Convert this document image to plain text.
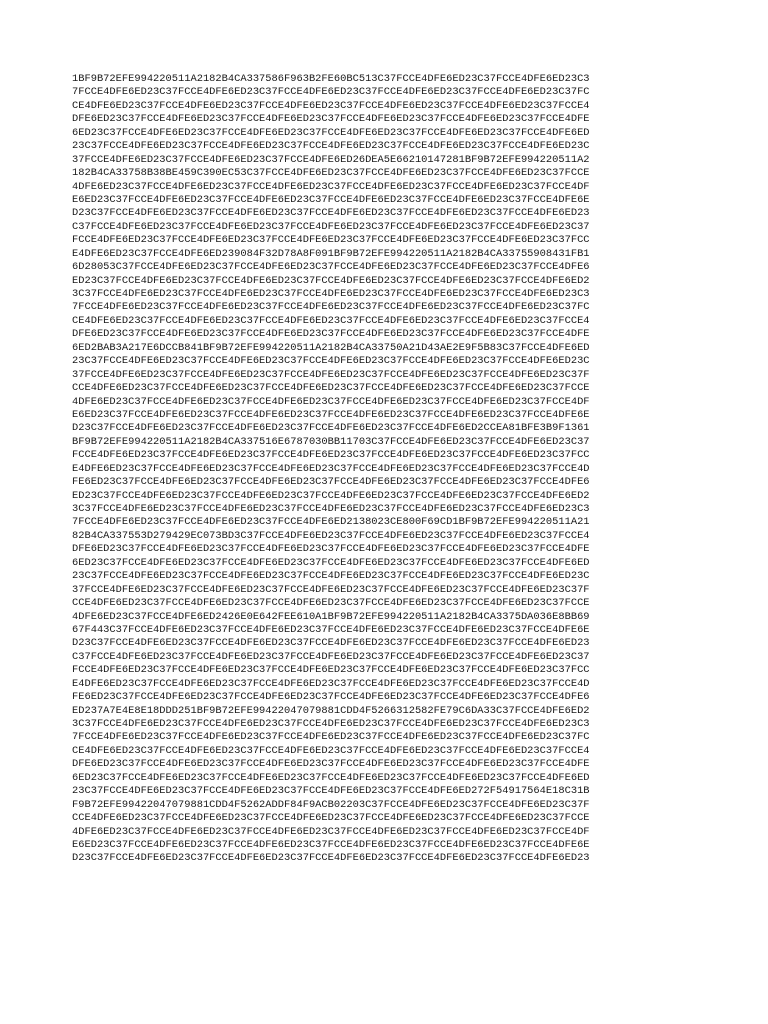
1BF9B72EFE994220511A2182B4CA337586F963B2FE60BC513C37FCCE4DFE6ED23C37FCCE4DFE6ED23C3
7FCCE4DFE6ED23C37FCCE4DFE6ED23C37FCCE4DFE6ED23C37FCCE4DFE6ED23C37FCCE4DFE6ED23C37FC
CE4DFE6ED23C37FCCE4DFE6ED23C37FCCE4DFE6ED23C37FCCE4DFE6ED23C37FCCE4DFE6ED23C37FCCE4
DFE6ED23C37FCCE4DFE6ED23C37FCCE4DFE6ED23C37FCCE4DFE6ED23C37FCCE4DFE6ED23C37FCCE4DFE
6ED23C37FCCE4DFE6ED23C37FCCE4DFE6ED23C37FCCE4DFE6ED23C37FCCE4DFE6ED23C37FCCE4DFE6ED
23C37FCCE4DFE6ED23C37FCCE4DFE6ED23C37FCCE4DFE6ED23C37FCCE4DFE6ED23C37FCCE4DFE6ED23C
37FCCE4DFE6ED23C37FCCE4DFE6ED23C37FCCE4DFE6ED26DEA5E66210147281BF9B72EFE994220511A2
182B4CA33758B38BE459C390EC53C37FCCE4DFE6ED23C37FCCE4DFE6ED23C37FCCE4DFE6ED23C37FCCE
4DFE6ED23C37FCCE4DFE6ED23C37FCCE4DFE6ED23C37FCCE4DFE6ED23C37FCCE4DFE6ED23C37FCCE4DF
E6ED23C37FCCE4DFE6ED23C37FCCE4DFE6ED23C37FCCE4DFE6ED23C37FCCE4DFE6ED23C37FCCE4DFE6E
D23C37FCCE4DFE6ED23C37FCCE4DFE6ED23C37FCCE4DFE6ED23C37FCCE4DFE6ED23C37FCCE4DFE6ED23
C37FCCE4DFE6ED23C37FCCE4DFE6ED23C37FCCE4DFE6ED23C37FCCE4DFE6ED23C37FCCE4DFE6ED23C37
FCCE4DFE6ED23C37FCCE4DFE6ED23C37FCCE4DFE6ED23C37FCCE4DFE6ED23C37FCCE4DFE6ED23C37FCC
E4DFE6ED23C37FCCE4DFE6ED239084F32D78A8F091BF9B72EFE994220511A2182B4CA33755908431FB1
6D28053C37FCCE4DFE6ED23C37FCCE4DFE6ED23C37FCCE4DFE6ED23C37FCCE4DFE6ED23C37FCCE4DFE6
ED23C37FCCE4DFE6ED23C37FCCE4DFE6ED23C37FCCE4DFE6ED23C37FCCE4DFE6ED23C37FCCE4DFE6ED2
3C37FCCE4DFE6ED23C37FCCE4DFE6ED23C37FCCE4DFE6ED23C37FCCE4DFE6ED23C37FCCE4DFE6ED23C3
7FCCE4DFE6ED23C37FCCE4DFE6ED23C37FCCE4DFE6ED23C37FCCE4DFE6ED23C37FCCE4DFE6ED23C37FC
CE4DFE6ED23C37FCCE4DFE6ED23C37FCCE4DFE6ED23C37FCCE4DFE6ED23C37FCCE4DFE6ED23C37FCCE4
DFE6ED23C37FCCE4DFE6ED23C37FCCE4DFE6ED23C37FCCE4DFE6ED23C37FCCE4DFE6ED23C37FCCE4DFE
6ED2BAB3A217E6DCCB841BF9B72EFE994220511A2182B4CA33750A21D43AE2E9F5B83C37FCCE4DFE6ED
23C37FCCE4DFE6ED23C37FCCE4DFE6ED23C37FCCE4DFE6ED23C37FCCE4DFE6ED23C37FCCE4DFE6ED23C
37FCCE4DFE6ED23C37FCCE4DFE6ED23C37FCCE4DFE6ED23C37FCCE4DFE6ED23C37FCCE4DFE6ED23C37F
CCE4DFE6ED23C37FCCE4DFE6ED23C37FCCE4DFE6ED23C37FCCE4DFE6ED23C37FCCE4DFE6ED23C37FCCE
4DFE6ED23C37FCCE4DFE6ED23C37FCCE4DFE6ED23C37FCCE4DFE6ED23C37FCCE4DFE6ED23C37FCCE4DF
E6ED23C37FCCE4DFE6ED23C37FCCE4DFE6ED23C37FCCE4DFE6ED23C37FCCE4DFE6ED23C37FCCE4DFE6E
D23C37FCCE4DFE6ED23C37FCCE4DFE6ED23C37FCCE4DFE6ED23C37FCCE4DFE6ED2CCEA81BFE3B9F1361
BF9B72EFE994220511A2182B4CA337516E6787030BB11703C37FCCE4DFE6ED23C37FCCE4DFE6ED23C37
FCCE4DFE6ED23C37FCCE4DFE6ED23C37FCCE4DFE6ED23C37FCCE4DFE6ED23C37FCCE4DFE6ED23C37FCC
E4DFE6ED23C37FCCE4DFE6ED23C37FCCE4DFE6ED23C37FCCE4DFE6ED23C37FCCE4DFE6ED23C37FCCE4D
FE6ED23C37FCCE4DFE6ED23C37FCCE4DFE6ED23C37FCCE4DFE6ED23C37FCCE4DFE6ED23C37FCCE4DFE6
ED23C37FCCE4DFE6ED23C37FCCE4DFE6ED23C37FCCE4DFE6ED23C37FCCE4DFE6ED23C37FCCE4DFE6ED2
3C37FCCE4DFE6ED23C37FCCE4DFE6ED23C37FCCE4DFE6ED23C37FCCE4DFE6ED23C37FCCE4DFE6ED23C3
7FCCE4DFE6ED23C37FCCE4DFE6ED23C37FCCE4DFE6ED2138023CE800F69CD1BF9B72EFE994220511A21
82B4CA337553D279429EC073BD3C37FCCE4DFE6ED23C37FCCE4DFE6ED23C37FCCE4DFE6ED23C37FCCE4
DFE6ED23C37FCCE4DFE6ED23C37FCCE4DFE6ED23C37FCCE4DFE6ED23C37FCCE4DFE6ED23C37FCCE4DFE
6ED23C37FCCE4DFE6ED23C37FCCE4DFE6ED23C37FCCE4DFE6ED23C37FCCE4DFE6ED23C37FCCE4DFE6ED
23C37FCCE4DFE6ED23C37FCCE4DFE6ED23C37FCCE4DFE6ED23C37FCCE4DFE6ED23C37FCCE4DFE6ED23C
37FCCE4DFE6ED23C37FCCE4DFE6ED23C37FCCE4DFE6ED23C37FCCE4DFE6ED23C37FCCE4DFE6ED23C37F
CCE4DFE6ED23C37FCCE4DFE6ED23C37FCCE4DFE6ED23C37FCCE4DFE6ED23C37FCCE4DFE6ED23C37FCCE
4DFE6ED23C37FCCE4DFE6ED2426E0E642FEE610A1BF9B72EFE994220511A2182B4CA3375DA036E8BB69
67F443C37FCCE4DFE6ED23C37FCCE4DFE6ED23C37FCCE4DFE6ED23C37FCCE4DFE6ED23C37FCCE4DFE6E
D23C37FCCE4DFE6ED23C37FCCE4DFE6ED23C37FCCE4DFE6ED23C37FCCE4DFE6ED23C37FCCE4DFE6ED23
C37FCCE4DFE6ED23C37FCCE4DFE6ED23C37FCCE4DFE6ED23C37FCCE4DFE6ED23C37FCCE4DFE6ED23C37
FCCE4DFE6ED23C37FCCE4DFE6ED23C37FCCE4DFE6ED23C37FCCE4DFE6ED23C37FCCE4DFE6ED23C37FCC
E4DFE6ED23C37FCCE4DFE6ED23C37FCCE4DFE6ED23C37FCCE4DFE6ED23C37FCCE4DFE6ED23C37FCCE4D
FE6ED23C37FCCE4DFE6ED23C37FCCE4DFE6ED23C37FCCE4DFE6ED23C37FCCE4DFE6ED23C37FCCE4DFE6
ED237A7E4E8E18DDD251BF9B72EFE99422047079881CDD4F5266312582FE79C6DA33C37FCCE4DFE6ED2
3C37FCCE4DFE6ED23C37FCCE4DFE6ED23C37FCCE4DFE6ED23C37FCCE4DFE6ED23C37FCCE4DFE6ED23C3
7FCCE4DFE6ED23C37FCCE4DFE6ED23C37FCCE4DFE6ED23C37FCCE4DFE6ED23C37FCCE4DFE6ED23C37FC
CE4DFE6ED23C37FCCE4DFE6ED23C37FCCE4DFE6ED23C37FCCE4DFE6ED23C37FCCE4DFE6ED23C37FCCE4
DFE6ED23C37FCCE4DFE6ED23C37FCCE4DFE6ED23C37FCCE4DFE6ED23C37FCCE4DFE6ED23C37FCCE4DFE
6ED23C37FCCE4DFE6ED23C37FCCE4DFE6ED23C37FCCE4DFE6ED23C37FCCE4DFE6ED23C37FCCE4DFE6ED
23C37FCCE4DFE6ED23C37FCCE4DFE6ED23C37FCCE4DFE6ED23C37FCCE4DFE6ED272F54917564E18C31B
F9B72EFE99422047079881CDD4F5262ADDF84F9ACB02203C37FCCE4DFE6ED23C37FCCE4DFE6ED23C37F
CCE4DFE6ED23C37FCCE4DFE6ED23C37FCCE4DFE6ED23C37FCCE4DFE6ED23C37FCCE4DFE6ED23C37FCCE
4DFE6ED23C37FCCE4DFE6ED23C37FCCE4DFE6ED23C37FCCE4DFE6ED23C37FCCE4DFE6ED23C37FCCE4DF
E6ED23C37FCCE4DFE6ED23C37FCCE4DFE6ED23C37FCCE4DFE6ED23C37FCCE4DFE6ED23C37FCCE4DFE6E
D23C37FCCE4DFE6ED23C37FCCE4DFE6ED23C37FCCE4DFE6ED23C37FCCE4DFE6ED23C37FCCE4DFE6ED23
